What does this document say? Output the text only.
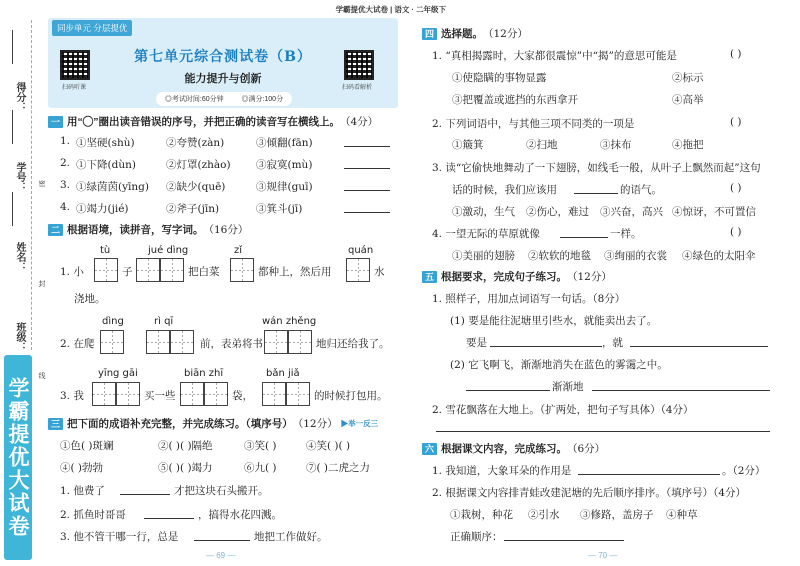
得分：
学号：
姓名：
班级：
密
封
线
学霸提优大试卷
同步单元 分层提优
学霸提优大试卷 | 语文 · 二年级下
扫码听课	扫码看解析
第七单元综合测试卷（B）
能力提升与创新
◎考试时间:60分钟	◎满分:100分
一 用“◯”圈出读音错误的序号，并把正确的读音写在横线上。 （4分）
1. ①坚硬(shù)	②夸赞(zàn)	③倾翻(fān)
2. ①下降(dùn)	②灯罩(zhào) ③寂寞(mù)
3. ①绿茵茵(yīng) ②缺少(quē)	③规律(guī)
4. ①竭力(jié)	②斧子(jīn)	③箕斗(jī)
二 根据语境，读拼音，写字词。 （16分）
tù	jué dìng	zǐ	quán
1. 小	子	把白菜	都种上，然后用	水
浇地。
dìng	rì qī	wán zhěng
2. 在爬	前，表弟将书	地归还给我了。
yīng gāi	biān zhī	bǎn jiǎ
3. 我	买一些	袋，	的时候打包用。
三 把下面的成语补充完整，并完成练习。（填序号） （12分） ▶举一反三
①色( )斑斓	②( )( )隔绝	③笑( )	④笑( )( )
④( )勃勃	⑤( )( )竭力	⑥九( )	⑦( )二虎之力
1. 他费了	才把这块石头搬开。
2. 抓鱼时哥哥	，搞得水花四溅。
3. 他不管干哪一行，总是	地把工作做好。
— 69 —
四 选择题。 （12分）
1. “真相揭露时，大家都很震惊”中“揭”的意思可能是	( )
①使隐瞒的事物显露	②标示
③把覆盖或遮挡的东西拿开	④高举
2. 下列词语中，与其他三项不同类的一项是	( )
①簸箕	②扫地	③抹布	④拖把
3. 读“它偷快地舞动了一下翅膀，如线毛一般，从叶子上飘然而起”这句
话的时候，我们应该用	的语气。	( )
①激动，生气 ②伤心，难过 ③兴奋，高兴 ④惊讶，不可置信
4. 一望无际的草原就像	一样。	( )
①美丽的翅膀 ②软软的地毯 ③绚丽的衣裳 ④绿色的太阳伞
五 根据要求，完成句子练习。 （12分）
1. 照样子，用加点词语写一句话。（8分）
(1) 要是能往泥塘里引些水，就能卖出去了。
要是	，就
(2) 它飞啊飞，渐渐地消失在蓝色的雾霭之中。
渐渐地
2. 雪花飘落在大地上。（扩两处，把句子写具体）（4分）
六 根据课文内容，完成练习。 （6分）
1. 我知道，大象耳朵的作用是	。（2分）
2. 根据课文内容排青蛙改建泥塘的先后顺序排序。（填序号）（4分）
①栽树，种花 ②引水 ③修路，盖房子 ④种草
正确顺序：
— 70 —
